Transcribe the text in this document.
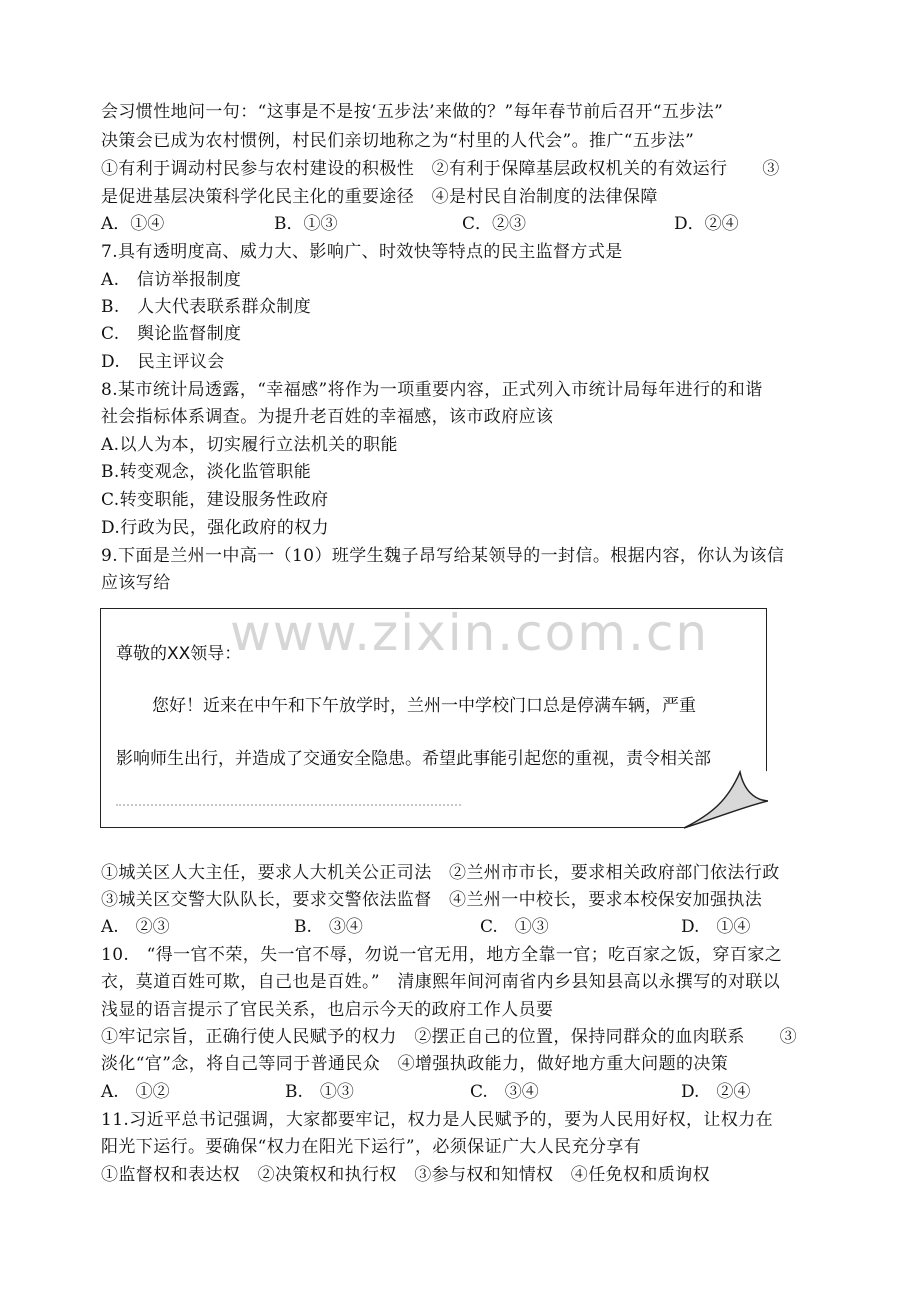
会习惯性地问一句：“这事是不是按‘五步法’来做的？”每年春节前后召开“五步法”
决策会已成为农村惯例，村民们亲切地称之为“村里的人代会”。推广“五步法”
①有利于调动村民参与农村建设的积极性　②有利于保障基层政权机关的有效运行　　③
是促进基层决策科学化民主化的重要途径　④是村民自治制度的法律保障
A．①④	B．①③	C．②③	D．②④
7.具有透明度高、威力大、影响广、时效快等特点的民主监督方式是
A.　信访举报制度
B.　人大代表联系群众制度
C.　舆论监督制度
D.　民主评议会
8.某市统计局透露，“幸福感”将作为一项重要内容，正式列入市统计局每年进行的和谐
社会指标体系调查。为提升老百姓的幸福感，该市政府应该
A.以人为本，切实履行立法机关的职能
B.转变观念，淡化监管职能
C.转变职能，建设服务性政府
D.行政为民，强化政府的权力
9.下面是兰州一中高一（10）班学生魏子昂写给某领导的一封信。根据内容，你认为该信
应该写给
尊敬的XX领导：
您好！近来在中午和下午放学时，兰州一中学校门口总是停满车辆，严重
影响师生出行，并造成了交通安全隐患。希望此事能引起您的重视，责令相关部
www.zixin.com.cn
①城关区人大主任，要求人大机关公正司法　②兰州市市长，要求相关政府部门依法行政
③城关区交警大队队长，要求交警依法监督　④兰州一中校长，要求本校保安加强执法
A.　②③	B.　③④	C.　①③	D.　①④
10.　“得一官不荣，失一官不辱，勿说一官无用，地方全靠一官；吃百家之饭，穿百家之
衣，莫道百姓可欺，自己也是百姓。”　清康熙年间河南省内乡县知县高以永撰写的对联以
浅显的语言提示了官民关系，也启示今天的政府工作人员要
①牢记宗旨，正确行使人民赋予的权力　②摆正自己的位置，保持同群众的血肉联系　　③
淡化“官”念，将自己等同于普通民众　④增强执政能力，做好地方重大问题的决策
A.　①②	B.　①③	C.　③④	D.　②④
11.习近平总书记强调，大家都要牢记，权力是人民赋予的，要为人民用好权，让权力在
阳光下运行。要确保“权力在阳光下运行”，必须保证广大人民充分享有
①监督权和表达权　②决策权和执行权　③参与权和知情权　④任免权和质询权
